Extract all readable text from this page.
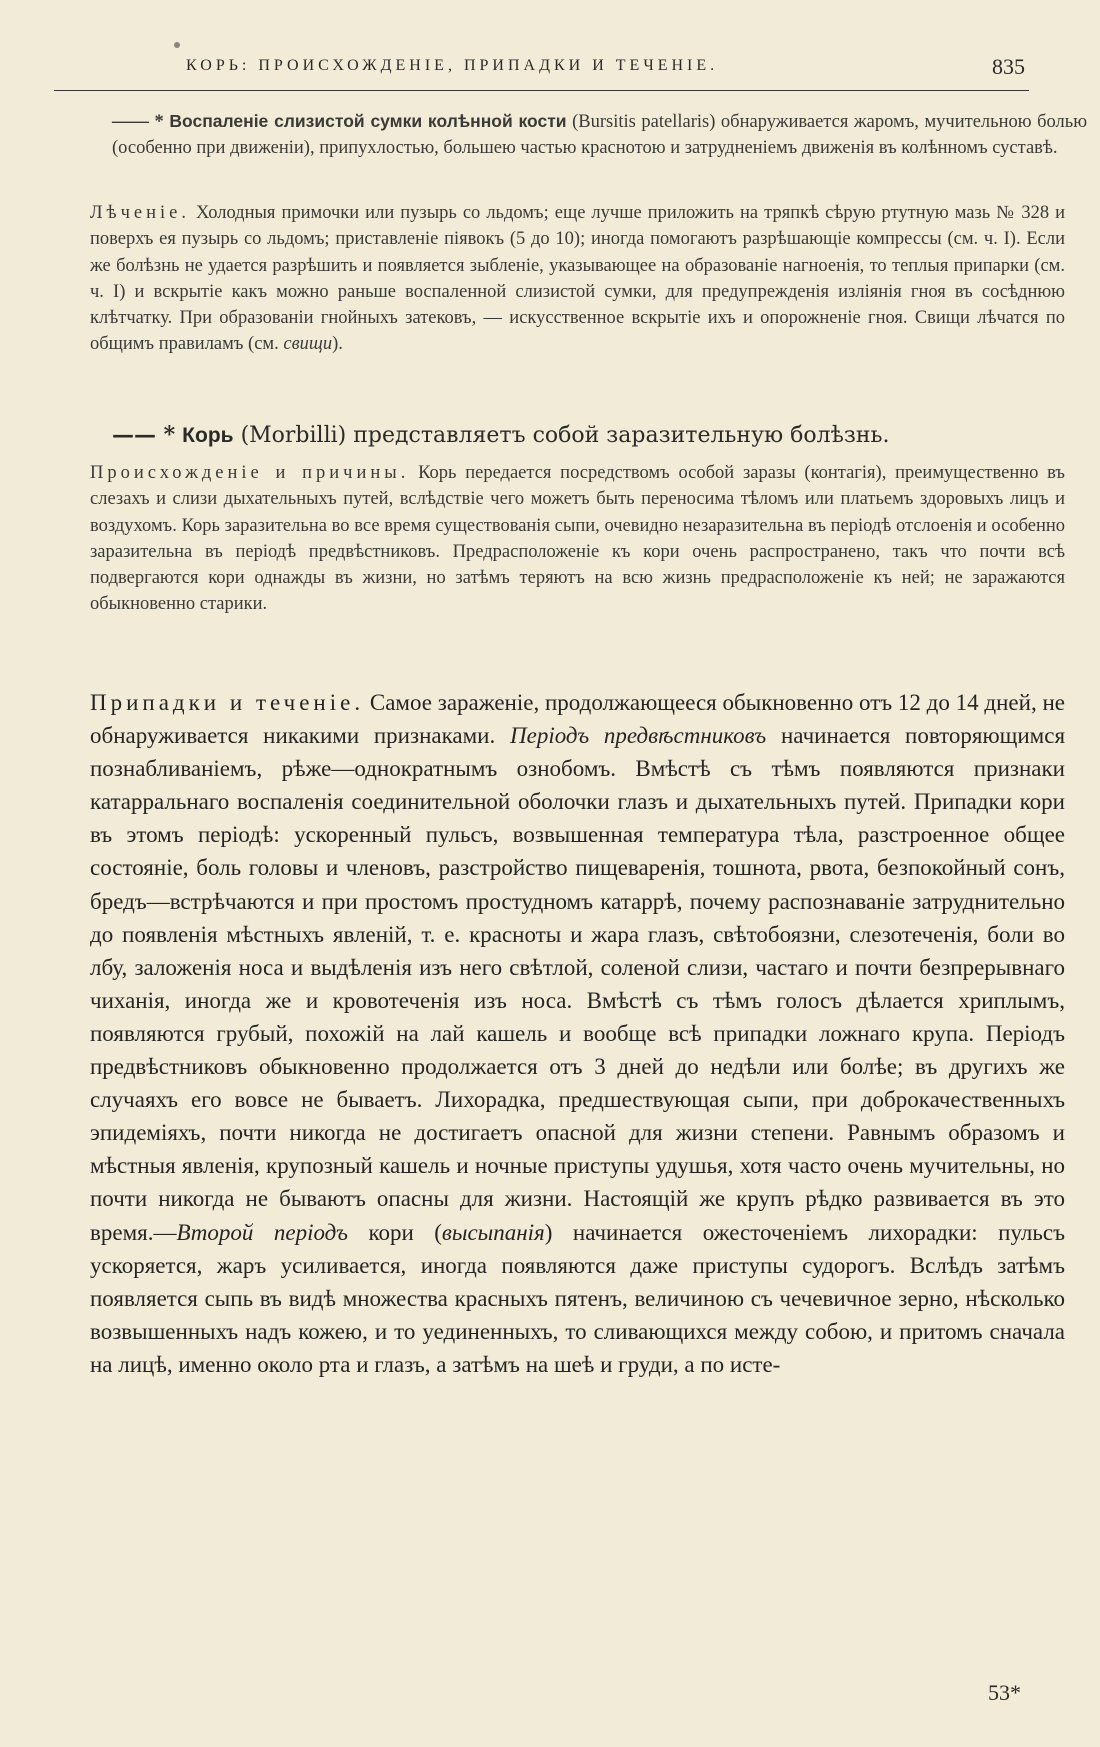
КОРЬ: ПРОИСХОЖДЕНІЕ, ПРИПАДКИ И ТЕЧЕНІЕ.	835
—— * Воспаленіе слизистой сумки колѣнной кости (Bursitis patellaris) обнаруживается жаромъ, мучительною болью (особенно при движеніи), припухлостью, большею частью краснотою и затрудненіемъ движенія въ колѣнномъ суставѣ.
Лѣченіе. Холодныя примочки или пузырь со льдомъ; еще лучше приложить на тряпкѣ сѣрую ртутную мазь № 328 и поверхъ ея пузырь со льдомъ; приставленіе піявокъ (5 до 10); иногда помогаютъ разрѣшающіе компрессы (см. ч. I). Если же болѣзнь не удается разрѣшить и появляется зыбленіе, указывающее на образованіе нагноенія, то теплыя припарки (см. ч. I) и вскрытіе какъ можно раньше воспаленной слизистой сумки, для предупрежденія изліянія гноя въ сосѣднюю клѣтчатку. При образованіи гнойныхъ затековъ, — искусственное вскрытіе ихъ и опорожненіе гноя. Свищи лѣчатся по общимъ правиламъ (см. свищи).
—— * Корь (Morbilli) представляетъ собой заразительную болѣзнь.
Происхожденіе и причины. Корь передается посредствомъ особой заразы (контагія), преимущественно въ слезахъ и слизи дыхательныхъ путей, вслѣдствіе чего можетъ быть переносима тѣломъ или платьемъ здоровыхъ лицъ и воздухомъ. Корь заразительна во все время существованія сыпи, очевидно незаразительна въ періодѣ отслоенія и особенно заразительна въ періодѣ предвѣстниковъ. Предрасположеніе къ кори очень распространено, такъ что почти всѣ подвергаются кори однажды въ жизни, но затѣмъ теряютъ на всю жизнь предрасположеніе къ ней; не заражаются обыкновенно старики.
Припадки и теченіе. Самое зараженіе, продолжающееся обыкновенно отъ 12 до 14 дней, не обнаруживается никакими признаками. Періодъ предвѣстниковъ начинается повторяющимся познабливаніемъ, рѣже—однократнымъ ознобомъ. Вмѣстѣ съ тѣмъ появляются признаки катарральнаго воспаленія соединительной оболочки глазъ и дыхательныхъ путей. Припадки кори въ этомъ періодѣ: ускоренный пульсъ, возвышенная температура тѣла, разстроенное общее состояніе, боль головы и членовъ, разстройство пищеваренія, тошнота, рвота, безпокойный сонъ, бредъ—встрѣчаются и при простомъ простудномъ катаррѣ, почему распознаваніе затруднительно до появленія мѣстныхъ явленій, т. е. красноты и жара глазъ, свѣтобоязни, слезотеченія, боли во лбу, заложенія носа и выдѣленія изъ него свѣтлой, соленой слизи, частаго и почти безпрерывнаго чиханія, иногда же и кровотеченія изъ носа. Вмѣстѣ съ тѣмъ голосъ дѣлается хриплымъ, появляются грубый, похожій на лай кашель и вообще всѣ припадки ложнаго крупа. Періодъ предвѣстниковъ обыкновенно продолжается отъ 3 дней до недѣли или болѣе; въ другихъ же случаяхъ его вовсе не бываетъ. Лихорадка, предшествующая сыпи, при доброкачественныхъ эпидеміяхъ, почти никогда не достигаетъ опасной для жизни степени. Равнымъ образомъ и мѣстныя явленія, крупозный кашель и ночные приступы удушья, хотя часто очень мучительны, но почти никогда не бываютъ опасны для жизни. Настоящій же крупъ рѣдко развивается въ это время.—Второй періодъ кори (высыпанія) начинается ожесточеніемъ лихорадки: пульсъ ускоряется, жаръ усиливается, иногда появляются даже приступы судорогъ. Вслѣдъ затѣмъ появляется сыпь въ видѣ множества красныхъ пятенъ, величиною съ чечевичное зерно, нѣсколько возвышенныхъ надъ кожею, и то уединенныхъ, то сливающихся между собою, и притомъ сначала на лицѣ, именно около рта и глазъ, а затѣмъ на шеѣ и груди, а по исте-
53*
